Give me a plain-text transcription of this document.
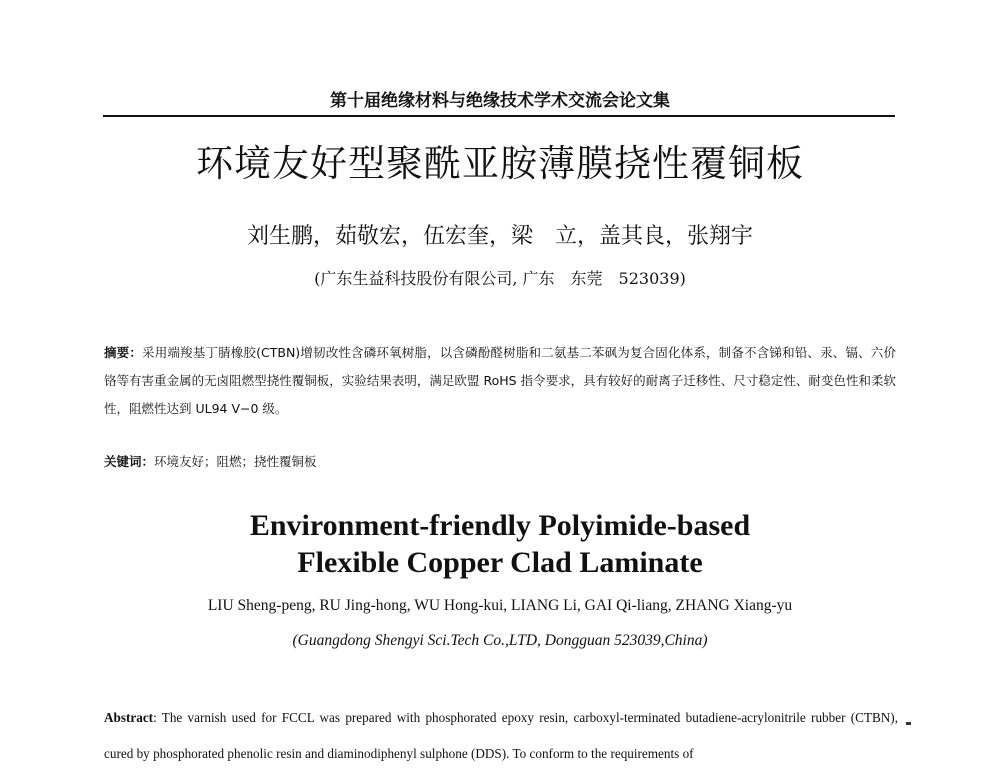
第十届绝缘材料与绝缘技术学术交流会论文集
环境友好型聚酰亚胺薄膜挠性覆铜板
刘生鹏，茹敬宏，伍宏奎，梁　立，盖其良，张翔宇
(广东生益科技股份有限公司, 广东　东莞　523039)
摘要：采用端羧基丁腈橡胶(CTBN)增韧改性含磷环氧树脂，以含磷酚醛树脂和二氨基二苯砜为复合固化体系，制备不含锑和铅、汞、镉、六价铬等有害重金属的无卤阻燃型挠性覆铜板，实验结果表明，满足欧盟 RoHS 指令要求，具有较好的耐离子迁移性、尺寸稳定性、耐变色性和柔软性，阻燃性达到 UL94 V−0 级。
关键词：环境友好；阻燃；挠性覆铜板
Environment-friendly Polyimide-based
Flexible Copper Clad Laminate
LIU Sheng-peng, RU Jing-hong, WU Hong-kui, LIANG Li, GAI Qi-liang, ZHANG Xiang-yu
(Guangdong Shengyi Sci.Tech Co.,LTD, Dongguan 523039,China)
Abstract: The varnish used for FCCL was prepared with phosphorated epoxy resin, carboxyl-terminated butadiene-acrylonitrile rubber (CTBN), cured by phosphorated phenolic resin and diaminodiphenyl sulphone (DDS). To conform to the requirements of
